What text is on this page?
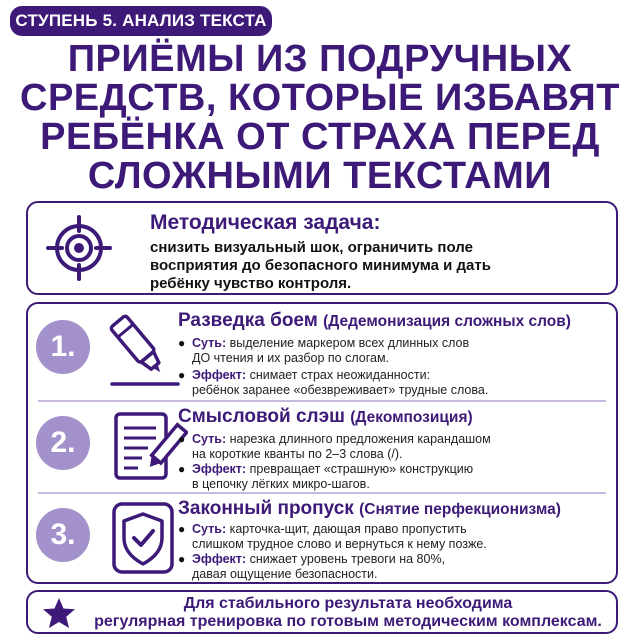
СТУПЕНЬ 5. АНАЛИЗ ТЕКСТА
ПРИЁМЫ ИЗ ПОДРУЧНЫХ
СРЕДСТВ, КОТОРЫЕ ИЗБАВЯТ
РЕБЁНКА ОТ СТРАХА ПЕРЕД
СЛОЖНЫМИ ТЕКСТАМИ
Методическая задача:
снизить визуальный шок, ограничить поле
восприятия до безопасного минимума и дать
ребёнку чувство контроля.
1.
Разведка боем (Дедемонизация сложных слов)
● Суть: выделение маркером всех длинных слов
ДО чтения и их разбор по слогам.
● Эффект: снимает страх неожиданности:
ребёнок заранее «обезвреживает» трудные слова.
2.
Смысловой слэш (Декомпозиция)
● Суть: нарезка длинного предложения карандашом
на короткие кванты по 2–3 слова (/).
● Эффект: превращает «страшную» конструкцию
в цепочку лёгких микро-шагов.
3.
Законный пропуск (Снятие перфекционизма)
● Суть: карточка-щит, дающая право пропустить
слишком трудное слово и вернуться к нему позже.
● Эффект: снижает уровень тревоги на 80%,
давая ощущение безопасности.
Для стабильного результата необходима
регулярная тренировка по готовым методическим комплексам.
